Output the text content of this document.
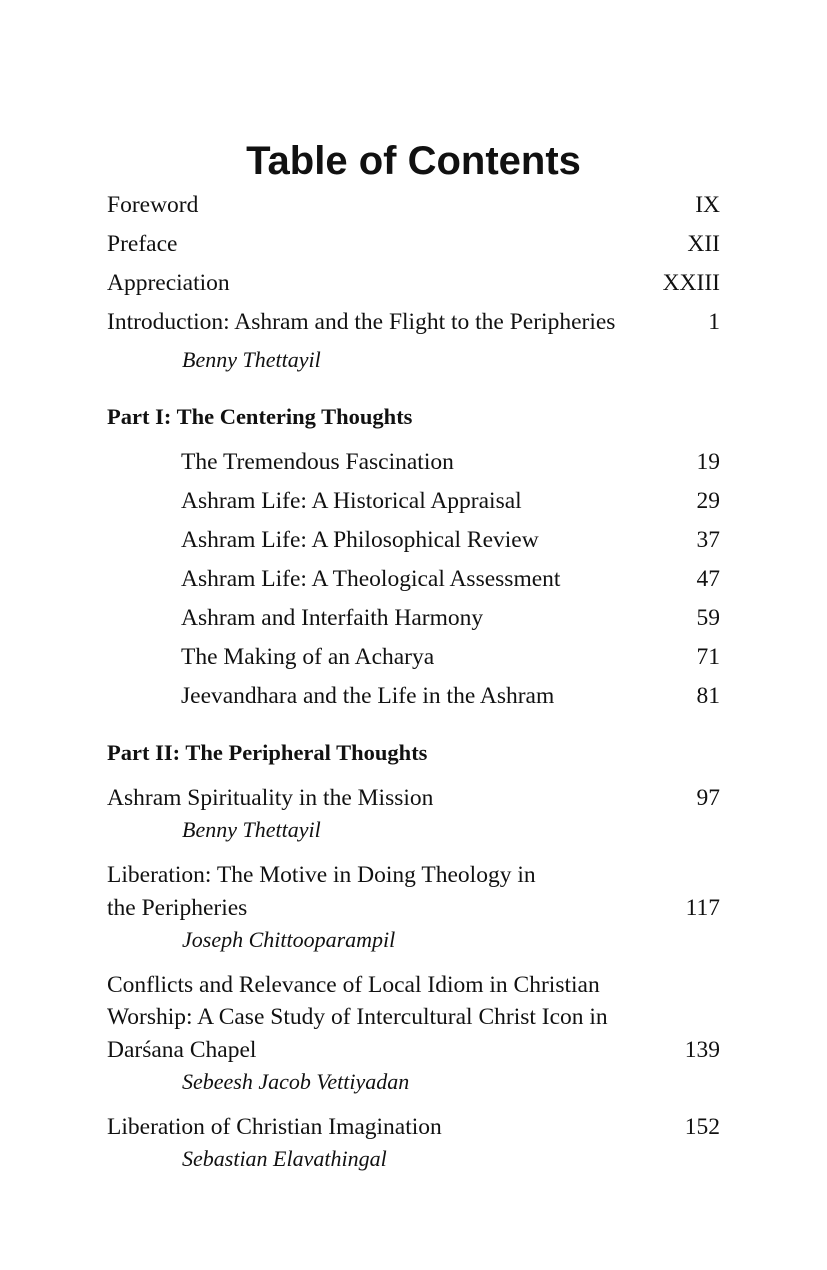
Table of Contents
Foreword	IX
Preface	XII
Appreciation	XXIII
Introduction: Ashram and the Flight to the Peripheries	1
Benny Thettayil
Part I: The Centering Thoughts
The Tremendous Fascination	19
Ashram Life: A Historical Appraisal	29
Ashram Life: A Philosophical Review	37
Ashram Life: A Theological Assessment	47
Ashram and Interfaith Harmony	59
The Making of an Acharya	71
Jeevandhara and the Life in the Ashram	81
Part II: The Peripheral Thoughts
Ashram Spirituality in the Mission	97
Benny Thettayil
Liberation: The Motive in Doing Theology in
the Peripheries	117
Joseph Chittooparampil
Conflicts and Relevance of Local Idiom in Christian
Worship: A Case Study of Intercultural Christ Icon in
Darśana Chapel	139
Sebeesh Jacob Vettiyadan
Liberation of Christian Imagination	152
Sebastian Elavathingal
